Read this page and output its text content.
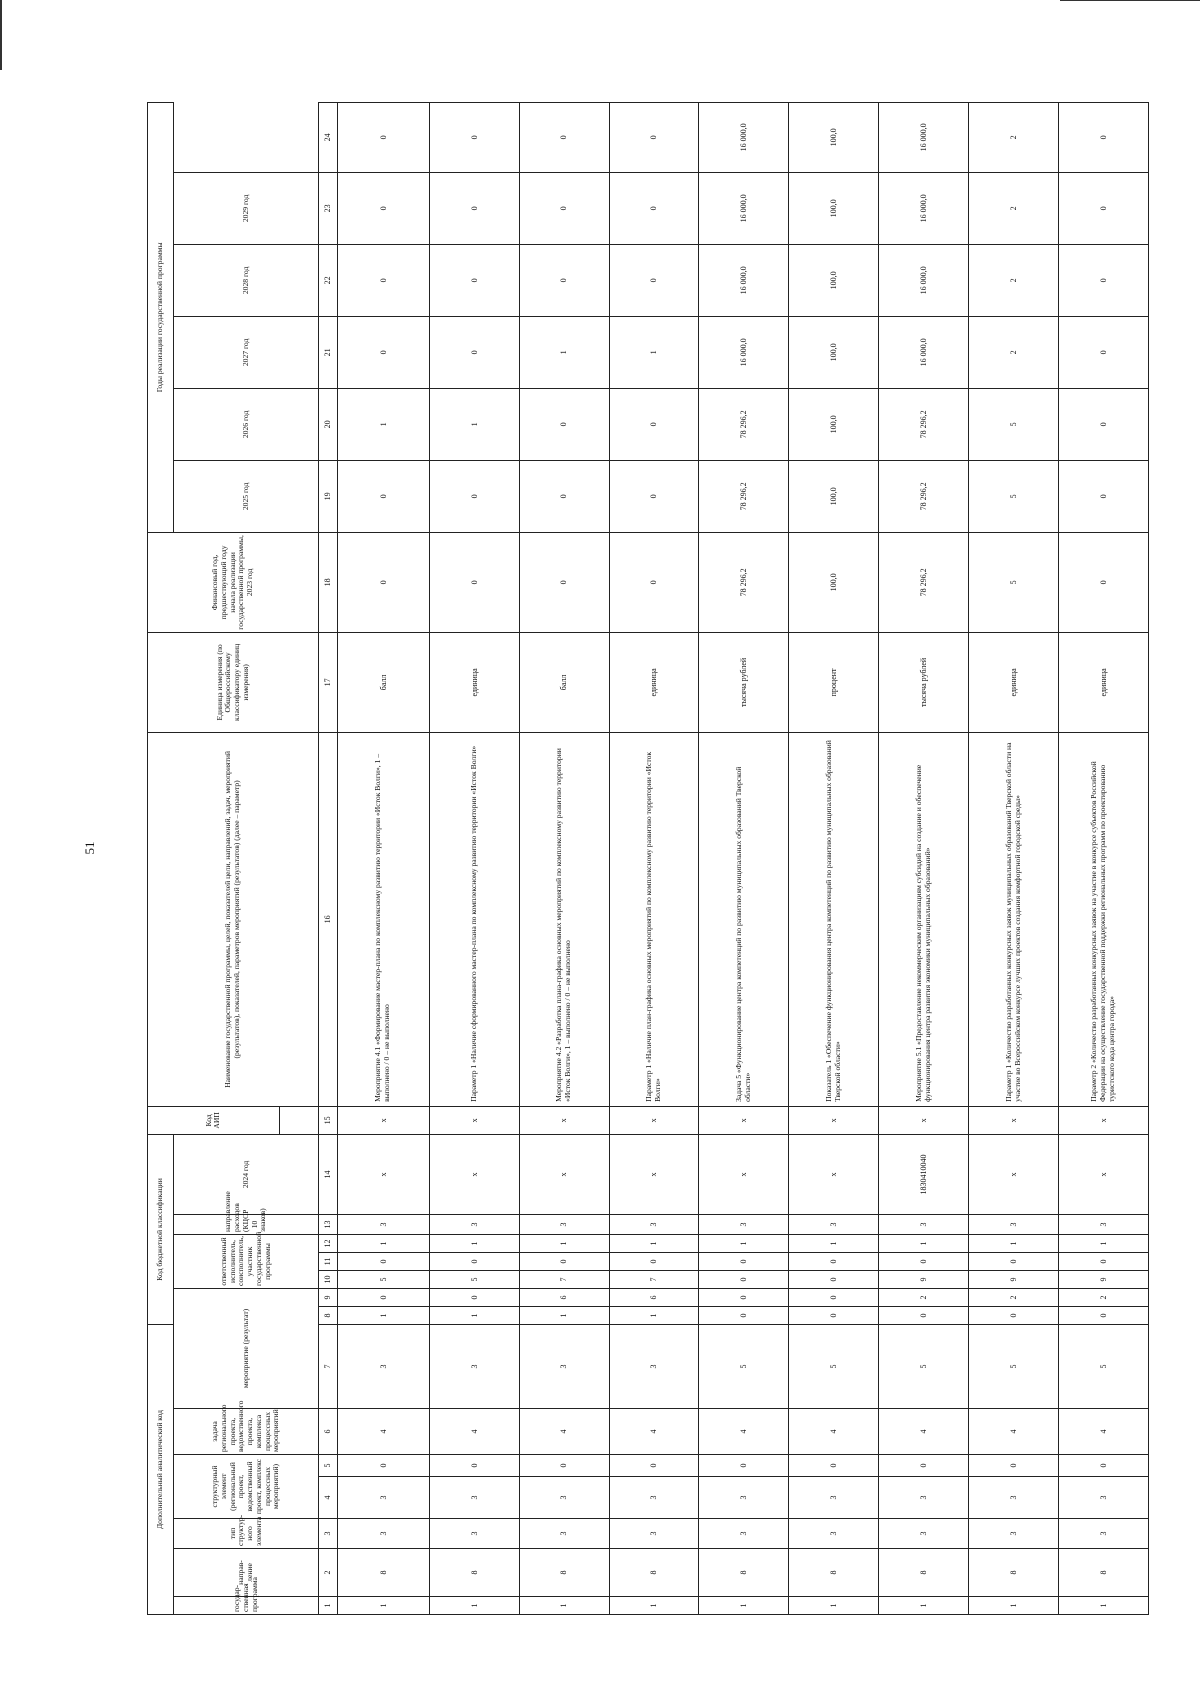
51
Дополнительный аналитический код							Код бюджетной классификации							Код АИП	Наименование государственной программы, целей, показателей цели, направлений, задач, мероприятий (результатов), показателей, параметров мероприятий (результатов) (далее – параметр)	Единица измерения (по Общероссийскому классификатору единиц измерения)	Финансовый год, предшествующий году начала реализации государственной программы, 2023 год	Годы реализации государственной программы					
государ-ственная программа	направ-ление	тип структур-ного элемента	структурный элемент (региональный проект, ведомственный проект, комплекс процессных мероприятий)		задача регионального проекта, ведомственного проекта, комплекса процессных мероприятий	мероприятие (результат)			ответственный исполнитель, соисполнитель, участник государственной программы			направление расходов (КЦСР 10 знаков)	2024 год					2025 год	2026 год	2027 год	2028 год	2029 год	

1	2	3	4	5	6	7	8	9	10	11	12	13	14	15	16	17	18	19	20	21	22	23	24
1	8	3	3	0	4	3	1	0	5	0	1	3	х	х	Мероприятие 4.1 «Формирование мастер-плана по комплексному развитию территории «Исток Волги», 1 – выполнено / 0 – не выполнено	балл	0	0	1	0	0	0	0
1	8	3	3	0	4	3	1	0	5	0	1	3	х	х	Параметр 1 «Наличие сформированного мастер-плана по комплексному развитию территории «Исток Волги»	единица	0	0	1	0	0	0	0
1	8	3	3	0	4	3	1	6	7	0	1	3	х	х	Мероприятие 4.2 «Разработка плана-графика основных мероприятий по комплексному развитию территории «Исток Волги», 1 – выполнено / 0 – не выполнено	балл	0	0	0	1	0	0	0
1	8	3	3	0	4	3	1	6	7	0	1	3	х	х	Параметр 1 «Наличие план-графика основных мероприятий по комплексному развитию территории «Исток Волги»	единица	0	0	0	1	0	0	0
1	8	3	3	0	4	5	0	0	0	0	1	3	х	х	Задача 5 «Функционирование центра компетенций по развитию муниципальных образований Тверской области»	тысяча рублей	78 296,2	78 296,2	78 296,2	16 000,0	16 000,0	16 000,0	16 000,0
1	8	3	3	0	4	5	0	0	0	0	1	3	х	х	Показатель 1 «Обеспечение функционирования центра компетенций по развитию муниципальных образований Тверской области»	процент	100,0	100,0	100,0	100,0	100,0	100,0	100,0
1	8	3	3	0	4	5	0	2	9	0	1	3	1830410040	х	Мероприятие 5.1 «Предоставление некоммерческим организациям субсидий на создание и обеспечение функционирования центра развития экономики муниципальных образований»	тысяча рублей	78 296,2	78 296,2	78 296,2	16 000,0	16 000,0	16 000,0	16 000,0
1	8	3	3	0	4	5	0	2	9	0	1	3	х	х	Параметр 1 «Количество разработанных конкурсных заявок муниципальных образований Тверской области на участие во Всероссийском конкурсе лучших проектов создания комфортной городской среды»	единица	5	5	5	2	2	2	2
1	8	3	3	0	4	5	0	2	9	0	1	3	х	х	Параметр 2 «Количество разработанных конкурсных заявок на участие в конкурсе субъектов Российской Федерации на осуществление государственной поддержки региональных программ по проектированию туристского кода центра города»	единица	0	0	0	0	0	0	0
